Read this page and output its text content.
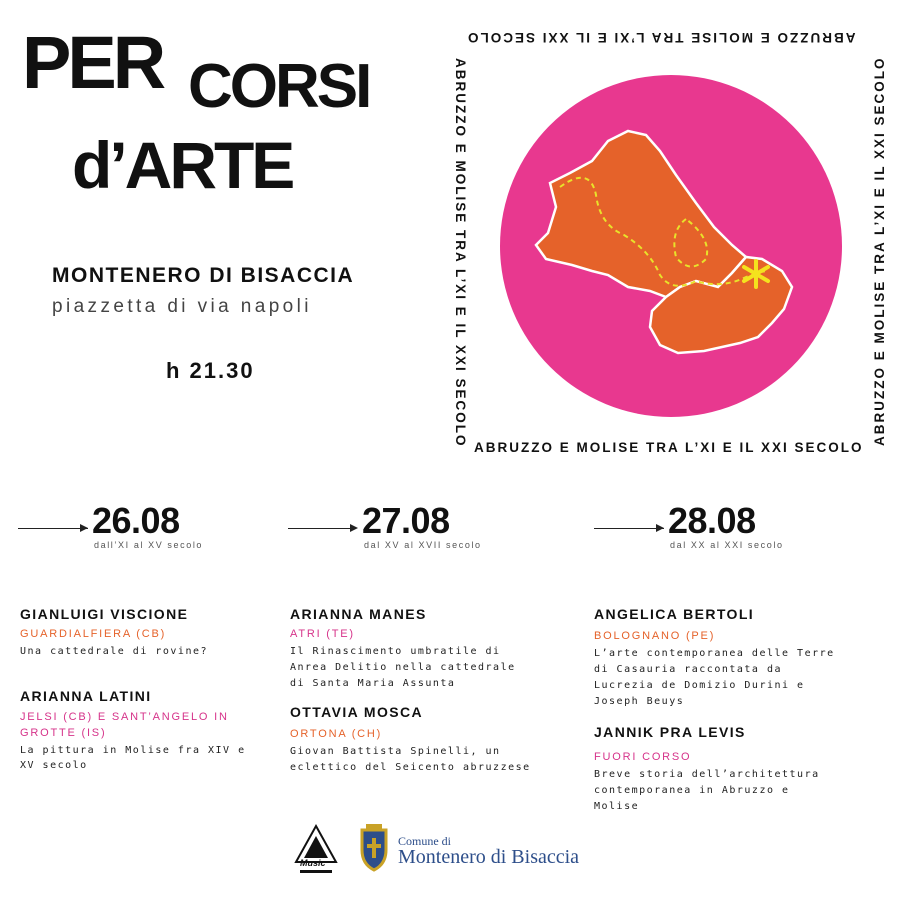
PER CORSI
d’ARTE
MONTENERO DI BISACCIA
piazzetta di via napoli
h 21.30
ABRUZZO E MOLISE TRA L’XI E IL XXI SECOLO
ABRUZZO E MOLISE TRA L’XI E IL XXI SECOLO	ABRUZZO E MOLISE TRA L’XI E IL XXI SECOLO
ABRUZZO E MOLISE TRA L’XI E IL XXI SECOLO
26.08
dall’XI al XV secolo
27.08
dal XV al XVII secolo
28.08
dal XX al XXI secolo
GIANLUIGI VISCIONE
GUARDIALFIERA (CB)
Una cattedrale di rovine?
ARIANNA LATINI
JELSI (CB) E SANT’ANGELO IN
GROTTE (IS)
La pittura in Molise fra XIV e
XV secolo
ARIANNA MANES
ATRI (TE)
Il Rinascimento umbratile di
Anrea Delitio nella cattedrale
di Santa Maria Assunta
OTTAVIA MOSCA
ORTONA (CH)
Giovan Battista Spinelli, un
eclettico del Seicento abruzzese
ANGELICA BERTOLI
BOLOGNANO (PE)
L’arte contemporanea delle Terre
di Casauria raccontata da
Lucrezia de Domizio Durini e
Joseph Beuys
JANNIK PRA LEVIS
FUORI CORSO
Breve storia dell’architettura
contemporanea in Abruzzo e
Molise
Music
Comune di
Montenero di Bisaccia
